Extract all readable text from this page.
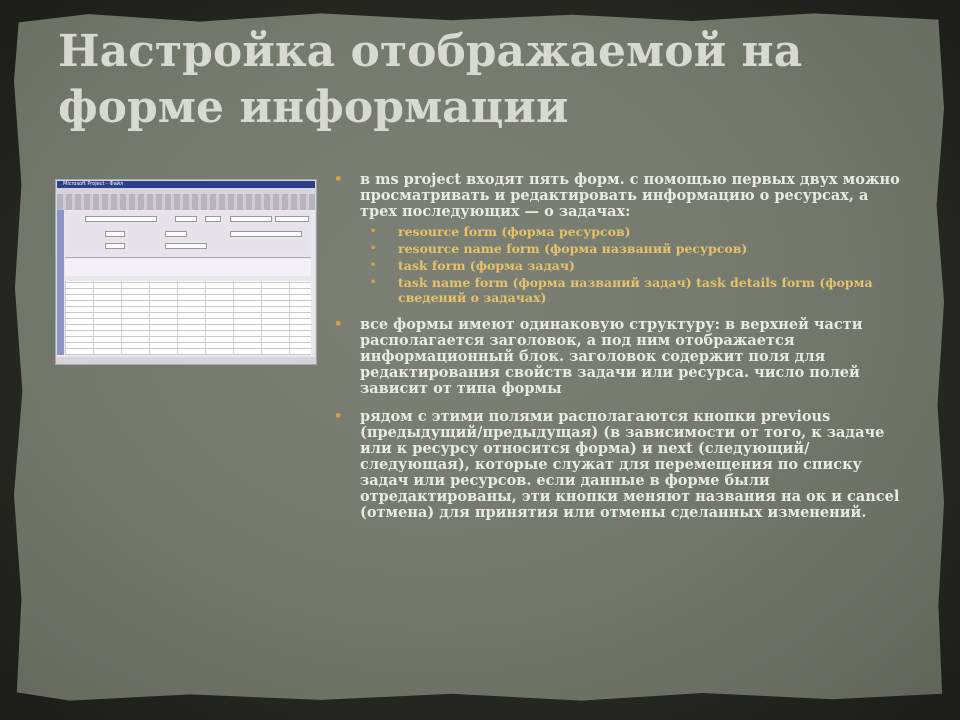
Настройка отображаемой на форме информации
Microsoft Project - Файл
•	в ms project входят пять форм. с помощью первых двух можно просматривать и редактировать информацию о ресурсах, а трех последующих — о задачах:
• resource form (форма ресурсов)
• resource name form (форма названий ресурсов)
• task form (форма задач)
• task name form (форма названий задач) task details form (форма сведений о задачах)
• все формы имеют одинаковую структуру: в верхней части располагается заголовок, а под ним отображается информационный блок. заголовок содержит поля для редактирования свойств задачи или ресурса. число полей зависит от типа формы
• рядом с этими полями располагаются кнопки previous (предыдущий/предыдущая) (в зависимости от того, к задаче или к ресурсу относится форма) и next (следующий/следующая), которые служат для перемещения по списку задач или ресурсов. если данные в форме были отредактированы, эти кнопки меняют названия на ок и cancel (отмена) для принятия или отмены сделанных изменений.
